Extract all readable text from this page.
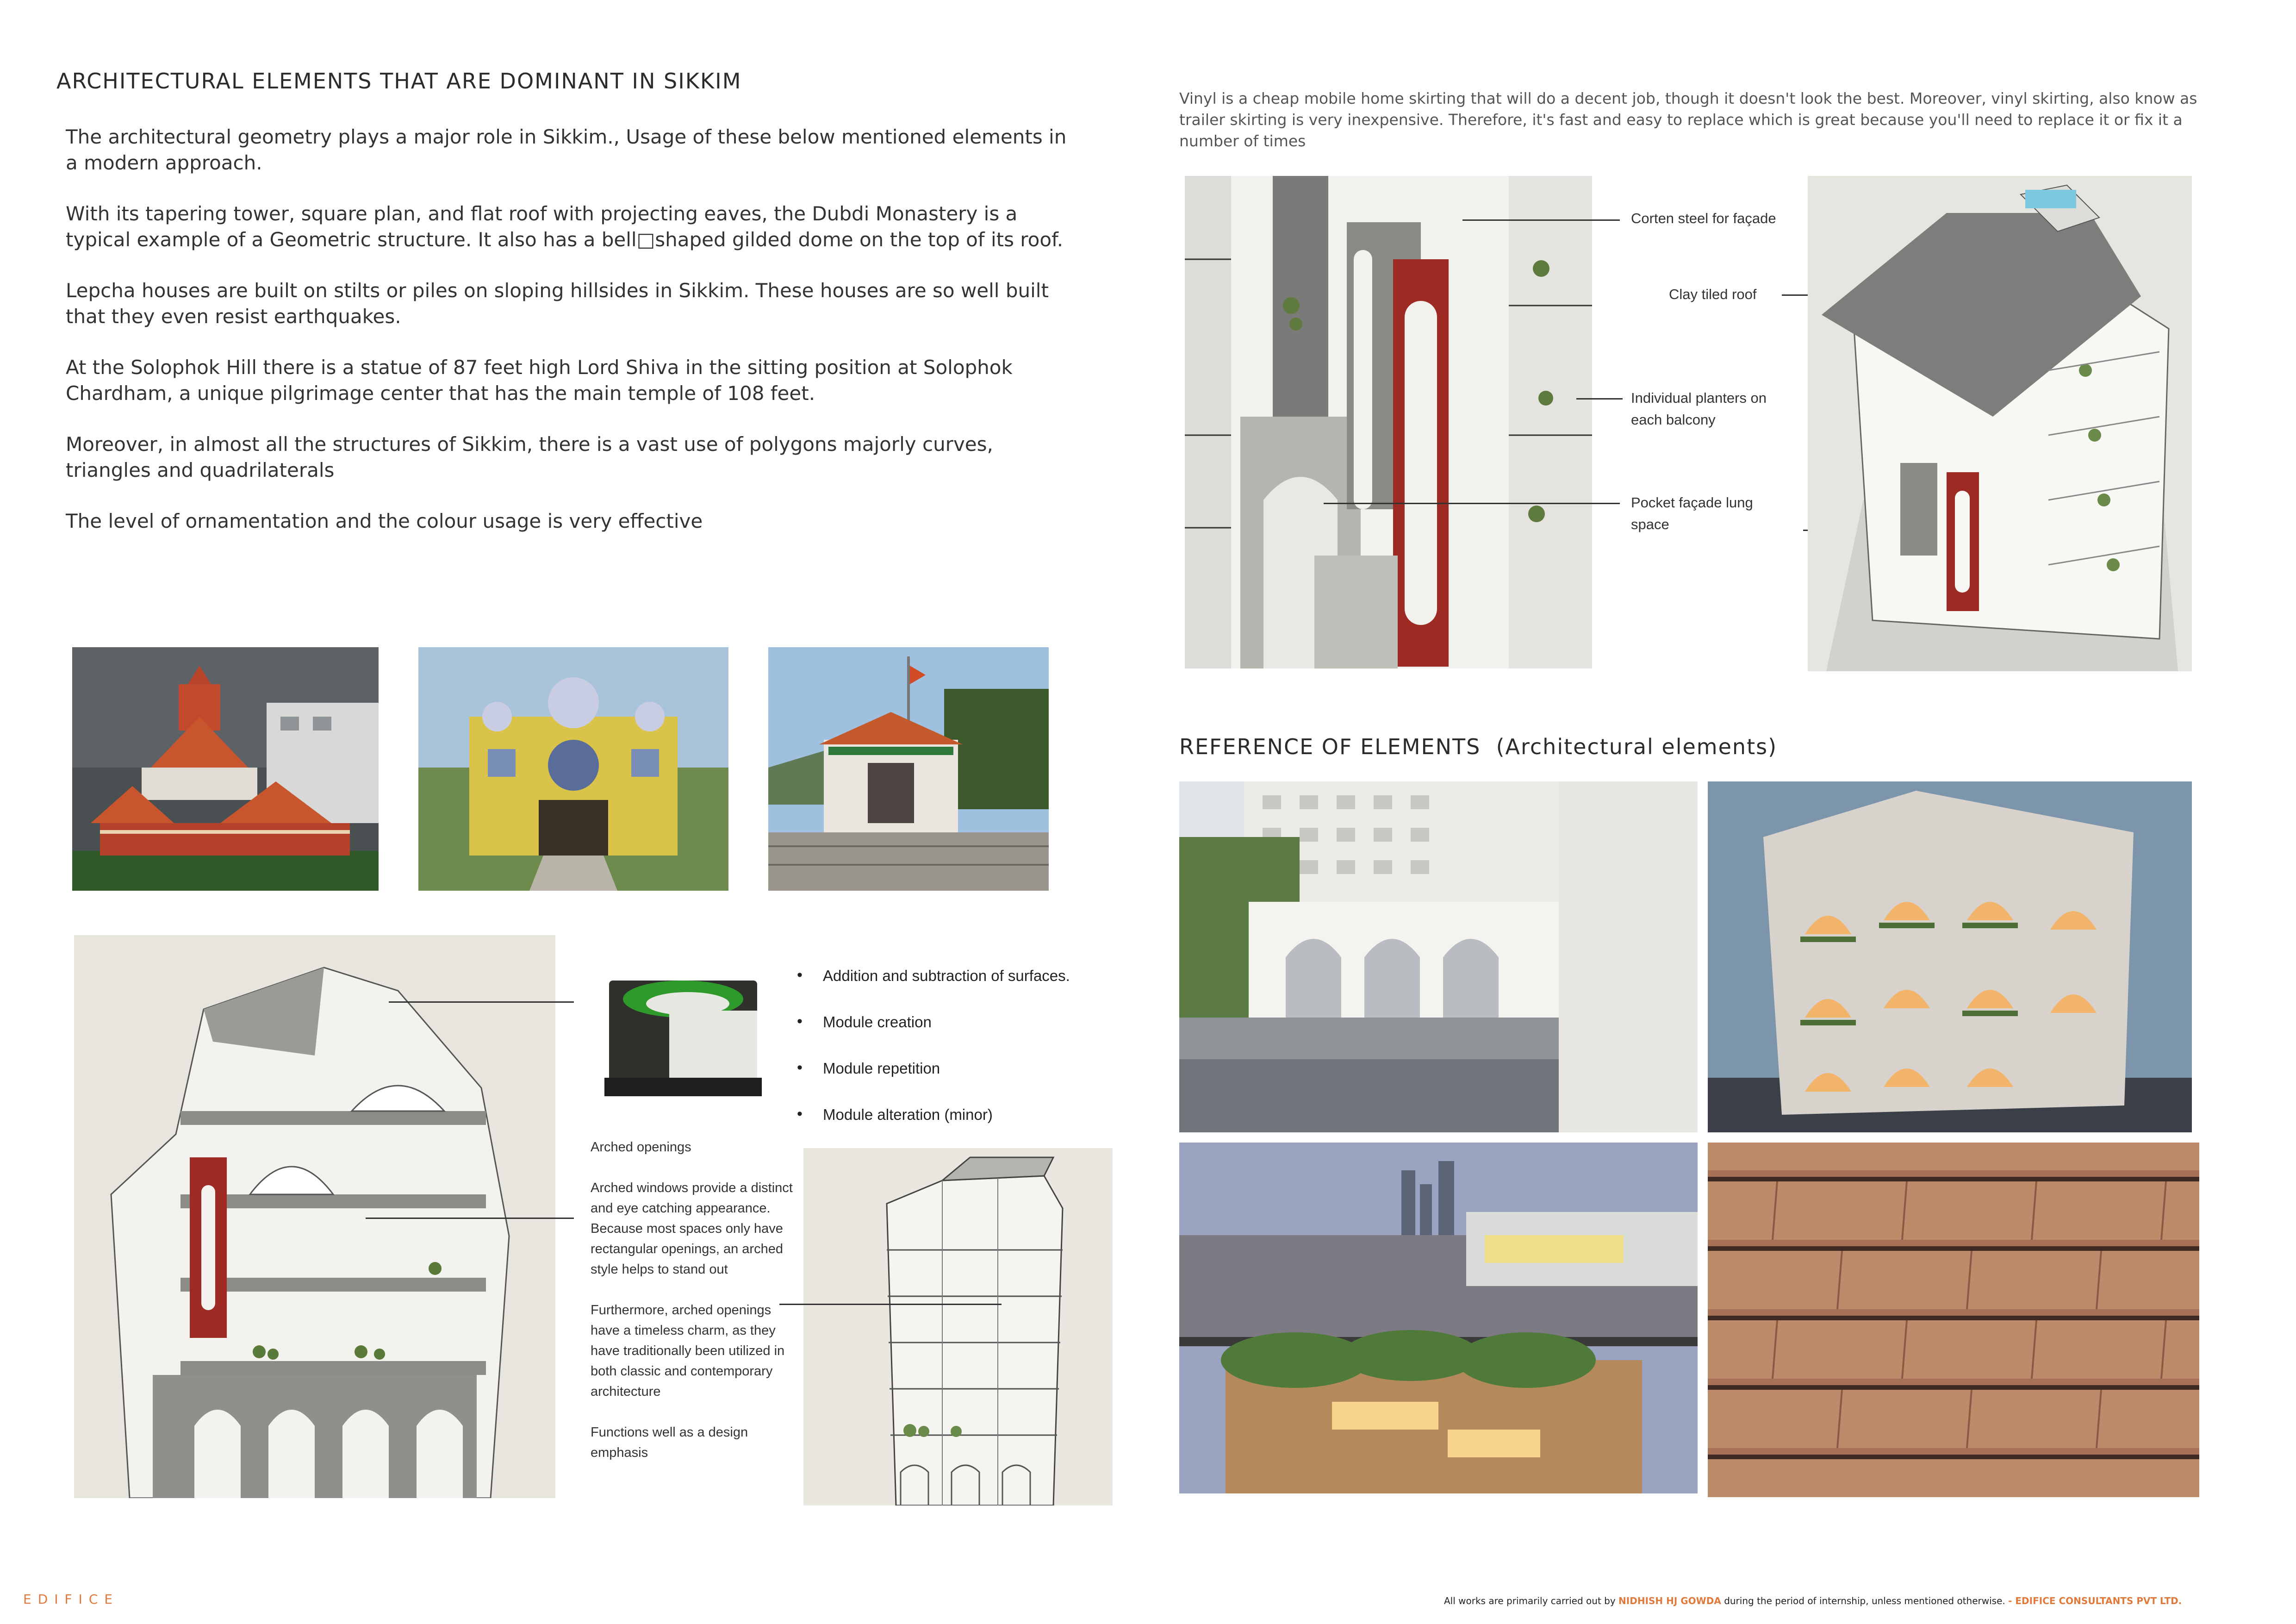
ARCHITECTURAL ELEMENTS THAT ARE DOMINANT IN SIKKIM

The architectural geometry plays a major role in Sikkim., Usage of these below mentioned elements in a modern approach.

With its tapering tower, square plan, and flat roof with projecting eaves, the Dubdi Monastery is a typical example of a Geometric structure. It also has a bell□shaped gilded dome on the top of its roof.

Lepcha houses are built on stilts or piles on sloping hillsides in Sikkim. These houses are so well built that they even resist earthquakes.

At the Solophok Hill there is a statue of 87 feet high Lord Shiva in the sitting position at Solophok Chardham, a unique pilgrimage center that has the main temple of 108 feet.

Moreover, in almost all the structures of Sikkim, there is a vast use of polygons majorly curves, triangles and quadrilaterals

The level of ornamentation and the colour usage is very effective

• Addition and subtraction of surfaces.
• Module creation
• Module repetition
• Module alteration (minor)

Arched openings

Arched windows provide a distinct and eye catching appearance. Because most spaces only have rectangular openings, an arched style helps to stand out

Furthermore, arched openings have a timeless charm, as they have traditionally been utilized in both classic and contemporary architecture

Functions well as a design emphasis

Vinyl is a cheap mobile home skirting that will do a decent job, though it doesn't look the best. Moreover, vinyl skirting, also know as trailer skirting is very inexpensive. Therefore, it's fast and easy to replace which is great because you'll need to replace it or fix it a number of times
Corten steel for façade
Clay tiled roof
Individual planters on each balcony
Pocket façade lung space
REFERENCE OF ELEMENTS (Architectural elements)
EDIFICE	All works are primarily carried out by NIDHISH HJ GOWDA during the period of internship, unless mentioned otherwise. - EDIFICE CONSULTANTS PVT LTD.
